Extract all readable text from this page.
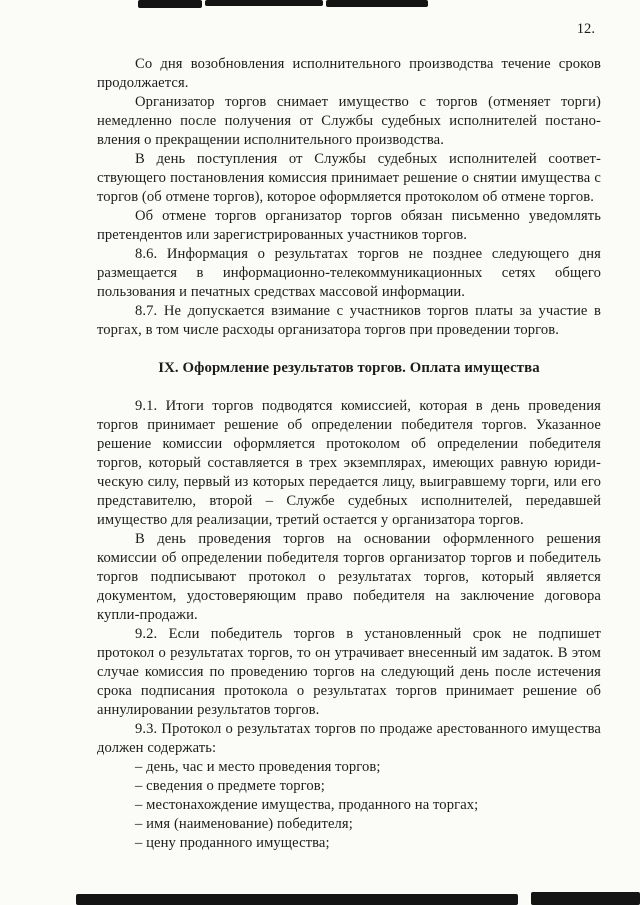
12.

Со дня возобновления исполнительного производства течение сроков продолжается.

Организатор торгов снимает имущество с торгов (отменяет торги) немедленно после получения от Службы судебных исполнителей постано-вления о прекращении исполнительного производства.

В день поступления от Службы судебных исполнителей соответ-ствующего постановления комиссия принимает решение о снятии имущества с торгов (об отмене торгов), которое оформляется протоколом об отмене торгов.

Об отмене торгов организатор торгов обязан письменно уведомлять претендентов или зарегистрированных участников торгов.

8.6. Информация о результатах торгов не позднее следующего дня размещается в информационно-телекоммуникационных сетях общего пользования и печатных средствах массовой информации.

8.7. Не допускается взимание с участников торгов платы за участие в торгах, в том числе расходы организатора торгов при проведении торгов.

IX. Оформление результатов торгов. Оплата имущества

9.1. Итоги торгов подводятся комиссией, которая в день проведения торгов принимает решение об определении победителя торгов. Указанное решение комиссии оформляется протоколом об определении победителя торгов, который составляется в трех экземплярах, имеющих равную юриди-ческую силу, первый из которых передается лицу, выигравшему торги, или его представителю, второй – Службе судебных исполнителей, передавшей имущество для реализации, третий остается у организатора торгов.

В день проведения торгов на основании оформленного решения комиссии об определении победителя торгов организатор торгов и победитель торгов подписывают протокол о результатах торгов, который является документом, удостоверяющим право победителя на заключение договора купли-продажи.

9.2. Если победитель торгов в установленный срок не подпишет протокол о результатах торгов, то он утрачивает внесенный им задаток. В этом случае комиссия по проведению торгов на следующий день после истечения срока подписания протокола о результатах торгов принимает решение об аннулировании результатов торгов.

9.3. Протокол о результатах торгов по продаже арестованного имущества должен содержать:

– день, час и место проведения торгов;

– сведения о предмете торгов;

– местонахождение имущества, проданного на торгах;

– имя (наименование) победителя;

– цену проданного имущества;
